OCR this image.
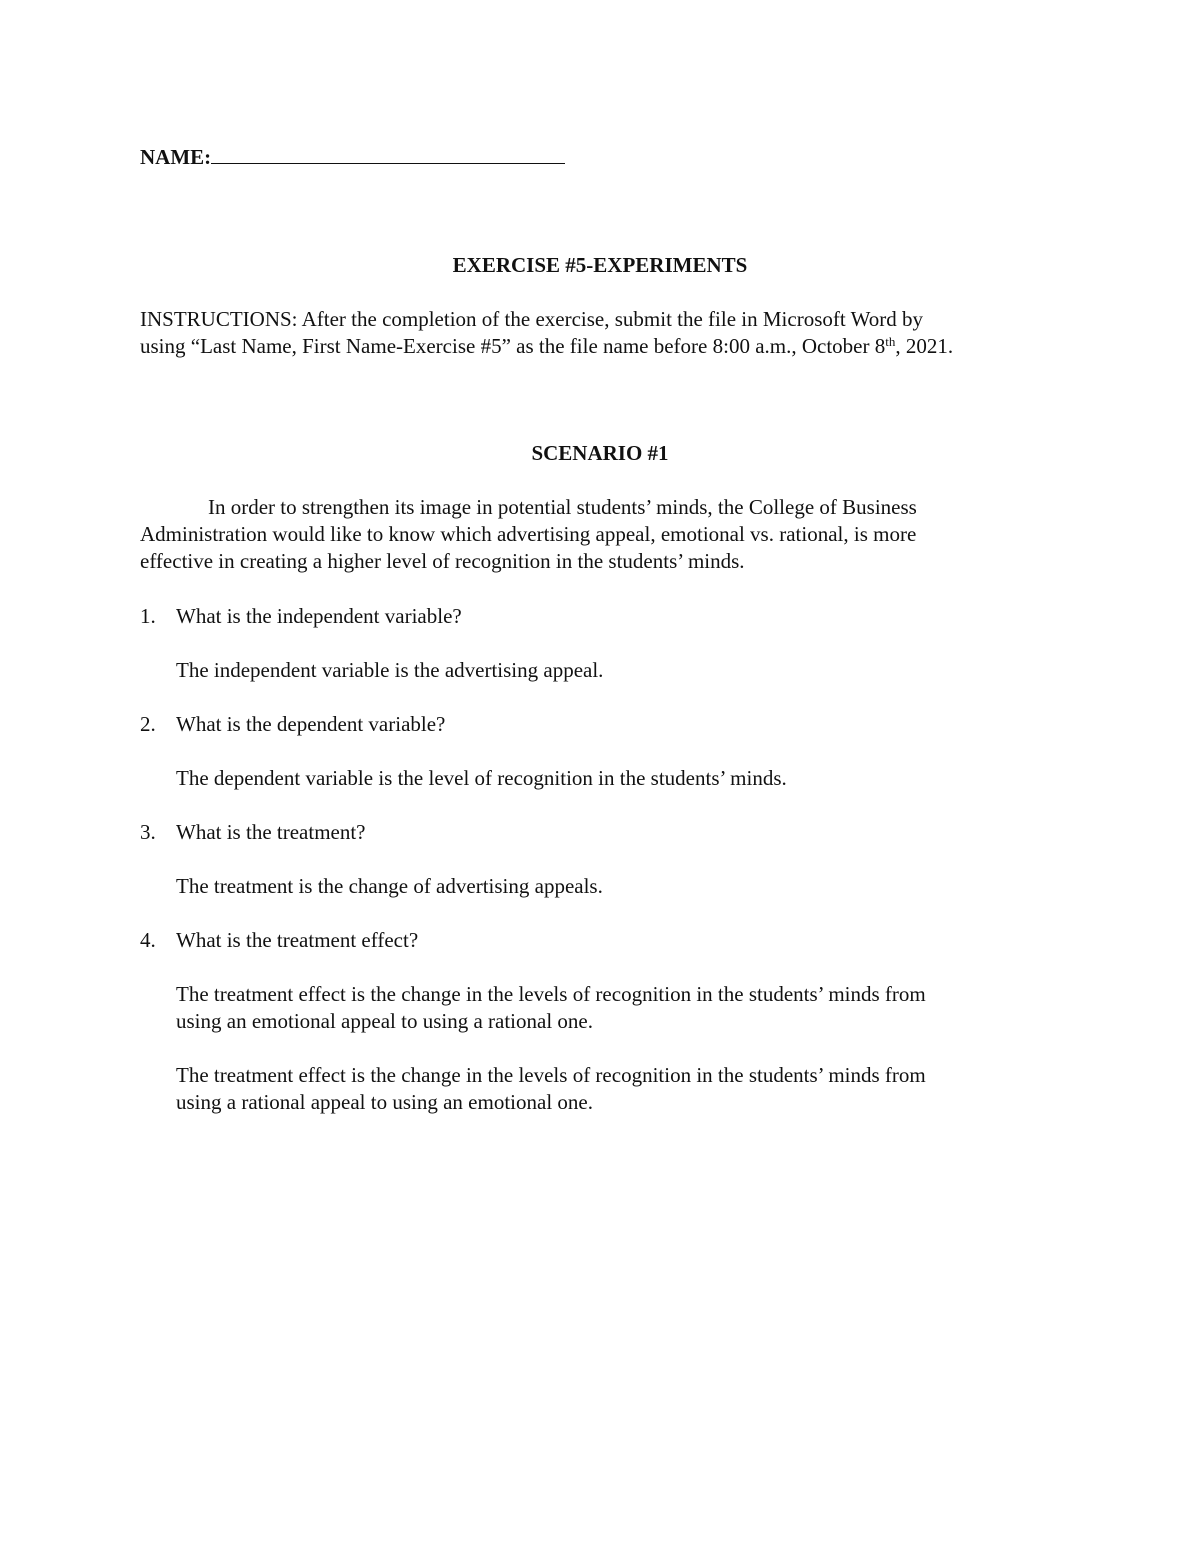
NAME:
EXERCISE #5-EXPERIMENTS
INSTRUCTIONS: After the completion of the exercise, submit the file in Microsoft Word by
using “Last Name, First Name-Exercise #5” as the file name before 8:00 a.m., October 8th, 2021.
SCENARIO #1
In order to strengthen its image in potential students’ minds, the College of Business
Administration would like to know which advertising appeal, emotional vs. rational, is more
effective in creating a higher level of recognition in the students’ minds.
1. What is the independent variable?
The independent variable is the advertising appeal.
2. What is the dependent variable?
The dependent variable is the level of recognition in the students’ minds.
3. What is the treatment?
The treatment is the change of advertising appeals.
4. What is the treatment effect?
The treatment effect is the change in the levels of recognition in the students’ minds from
using an emotional appeal to using a rational one.
The treatment effect is the change in the levels of recognition in the students’ minds from
using a rational appeal to using an emotional one.
